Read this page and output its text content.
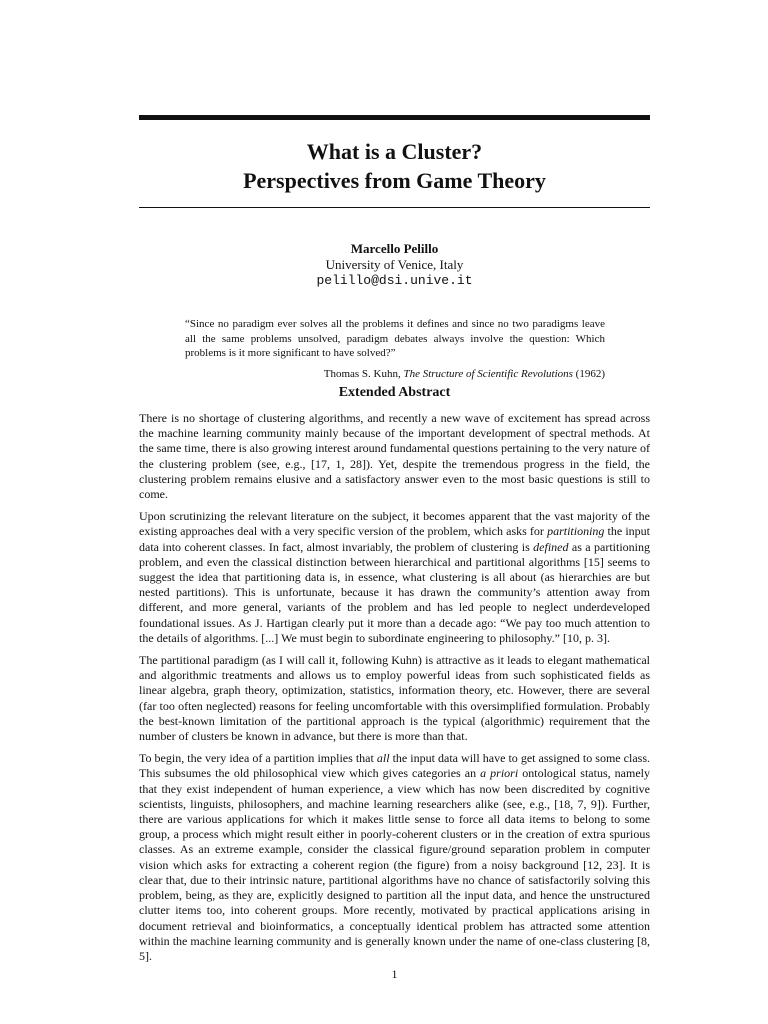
What is a Cluster?
Perspectives from Game Theory
Marcello Pelillo
University of Venice, Italy
pelillo@dsi.unive.it
“Since no paradigm ever solves all the problems it defines and since no two paradigms leave all the same problems unsolved, paradigm debates always involve the question: Which problems is it more significant to have solved?”
Thomas S. Kuhn, The Structure of Scientific Revolutions (1962)
Extended Abstract

There is no shortage of clustering algorithms, and recently a new wave of excitement has spread across the machine learning community mainly because of the important development of spectral methods. At the same time, there is also growing interest around fundamental questions pertaining to the very nature of the clustering problem (see, e.g., [17, 1, 28]). Yet, despite the tremendous progress in the field, the clustering problem remains elusive and a satisfactory answer even to the most basic questions is still to come.

Upon scrutinizing the relevant literature on the subject, it becomes apparent that the vast majority of the existing approaches deal with a very specific version of the problem, which asks for partitioning the input data into coherent classes. In fact, almost invariably, the problem of clustering is defined as a partitioning problem, and even the classical distinction between hierarchical and partitional algorithms [15] seems to suggest the idea that partitioning data is, in essence, what clustering is all about (as hierarchies are but nested partitions). This is unfortunate, because it has drawn the community’s attention away from different, and more general, variants of the problem and has led people to neglect underdeveloped foundational issues. As J. Hartigan clearly put it more than a decade ago: “We pay too much attention to the details of algorithms. [...] We must begin to subordinate engineering to philosophy.” [10, p. 3].

The partitional paradigm (as I will call it, following Kuhn) is attractive as it leads to elegant mathematical and algorithmic treatments and allows us to employ powerful ideas from such sophisticated fields as linear algebra, graph theory, optimization, statistics, information theory, etc. However, there are several (far too often neglected) reasons for feeling uncomfortable with this oversimplified formulation. Probably the best-known limitation of the partitional approach is the typical (algorithmic) requirement that the number of clusters be known in advance, but there is more than that.

To begin, the very idea of a partition implies that all the input data will have to get assigned to some class. This subsumes the old philosophical view which gives categories an a priori ontological status, namely that they exist independent of human experience, a view which has now been discredited by cognitive scientists, linguists, philosophers, and machine learning researchers alike (see, e.g., [18, 7, 9]). Further, there are various applications for which it makes little sense to force all data items to belong to some group, a process which might result either in poorly-coherent clusters or in the creation of extra spurious classes. As an extreme example, consider the classical figure/ground separation problem in computer vision which asks for extracting a coherent region (the figure) from a noisy background [12, 23]. It is clear that, due to their intrinsic nature, partitional algorithms have no chance of satisfactorily solving this problem, being, as they are, explicitly designed to partition all the input data, and hence the unstructured clutter items too, into coherent groups. More recently, motivated by practical applications arising in document retrieval and bioinformatics, a conceptually identical problem has attracted some attention within the machine learning community and is generally known under the name of one-class clustering [8, 5].

1
